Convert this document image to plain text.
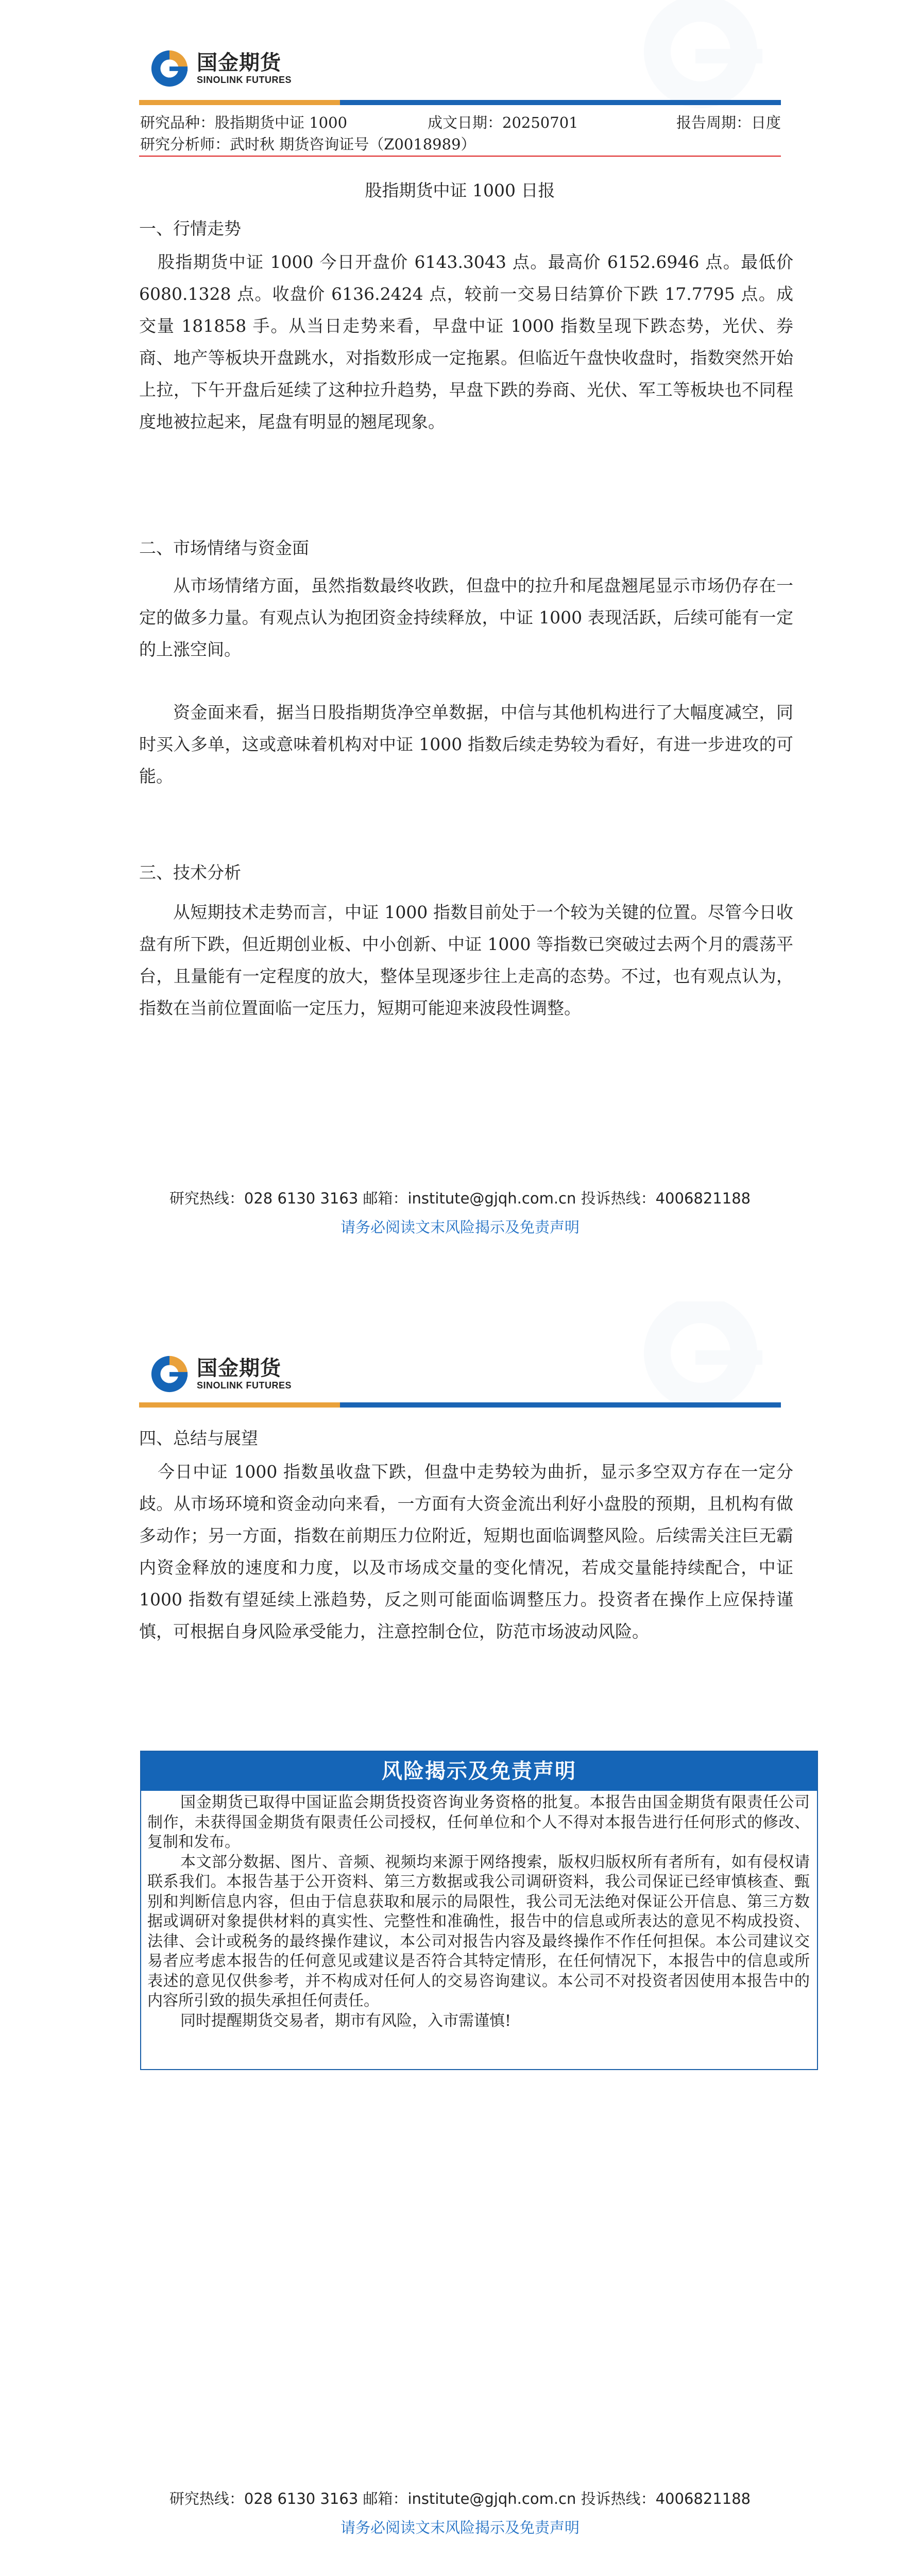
国金期货
SINOLINK FUTURES
研究品种：股指期货中证 1000	成文日期：20250701	报告周期：日度
研究分析师：武时秋 期货咨询证号（Z0018989）
股指期货中证 1000 日报
一、行情走势

股指期货中证 1000 今日开盘价 6143.3043 点。最高价 6152.6946 点。最低价 6080.1328 点。收盘价 6136.2424 点，较前一交易日结算价下跌 17.7795 点。成交量 181858 手。从当日走势来看，早盘中证 1000 指数呈现下跌态势，光伏、券商、地产等板块开盘跳水，对指数形成一定拖累。但临近午盘快收盘时，指数突然开始上拉，下午开盘后延续了这种拉升趋势，早盘下跌的券商、光伏、军工等板块也不同程度地被拉起来，尾盘有明显的翘尾现象。

二、市场情绪与资金面

从市场情绪方面，虽然指数最终收跌，但盘中的拉升和尾盘翘尾显示市场仍存在一定的做多力量。有观点认为抱团资金持续释放，中证 1000 表现活跃，后续可能有一定的上涨空间。

资金面来看，据当日股指期货净空单数据，中信与其他机构进行了大幅度减空，同时买入多单，这或意味着机构对中证 1000 指数后续走势较为看好，有进一步进攻的可能。

三、技术分析

从短期技术走势而言，中证 1000 指数目前处于一个较为关键的位置。尽管今日收盘有所下跌，但近期创业板、中小创新、中证 1000 等指数已突破过去两个月的震荡平台，且量能有一定程度的放大，整体呈现逐步往上走高的态势。不过，也有观点认为，指数在当前位置面临一定压力，短期可能迎来波段性调整。

研究热线：028 6130 3163 邮箱：institute@gjqh.com.cn 投诉热线：4006821188
请务必阅读文末风险揭示及免责声明
国金期货
SINOLINK FUTURES
四、总结与展望

今日中证 1000 指数虽收盘下跌，但盘中走势较为曲折，显示多空双方存在一定分歧。从市场环境和资金动向来看，一方面有大资金流出利好小盘股的预期，且机构有做多动作；另一方面，指数在前期压力位附近，短期也面临调整风险。后续需关注巨无霸内资金释放的速度和力度，以及市场成交量的变化情况，若成交量能持续配合，中证 1000 指数有望延续上涨趋势，反之则可能面临调整压力。投资者在操作上应保持谨慎，可根据自身风险承受能力，注意控制仓位，防范市场波动风险。

风险揭示及免责声明

国金期货已取得中国证监会期货投资咨询业务资格的批复。本报告由国金期货有限责任公司制作，未获得国金期货有限责任公司授权，任何单位和个人不得对本报告进行任何形式的修改、复制和发布。

本文部分数据、图片、音频、视频均来源于网络搜索，版权归版权所有者所有，如有侵权请联系我们。本报告基于公开资料、第三方数据或我公司调研资料，我公司保证已经审慎核查、甄别和判断信息内容，但由于信息获取和展示的局限性，我公司无法绝对保证公开信息、第三方数据或调研对象提供材料的真实性、完整性和准确性，报告中的信息或所表达的意见不构成投资、法律、会计或税务的最终操作建议，本公司对报告内容及最终操作不作任何担保。本公司建议交易者应考虑本报告的任何意见或建议是否符合其特定情形，在任何情况下，本报告中的信息或所表述的意见仅供参考，并不构成对任何人的交易咨询建议。本公司不对投资者因使用本报告中的内容所引致的损失承担任何责任。

同时提醒期货交易者，期市有风险，入市需谨慎!

研究热线：028 6130 3163 邮箱：institute@gjqh.com.cn 投诉热线：4006821188
请务必阅读文末风险揭示及免责声明
